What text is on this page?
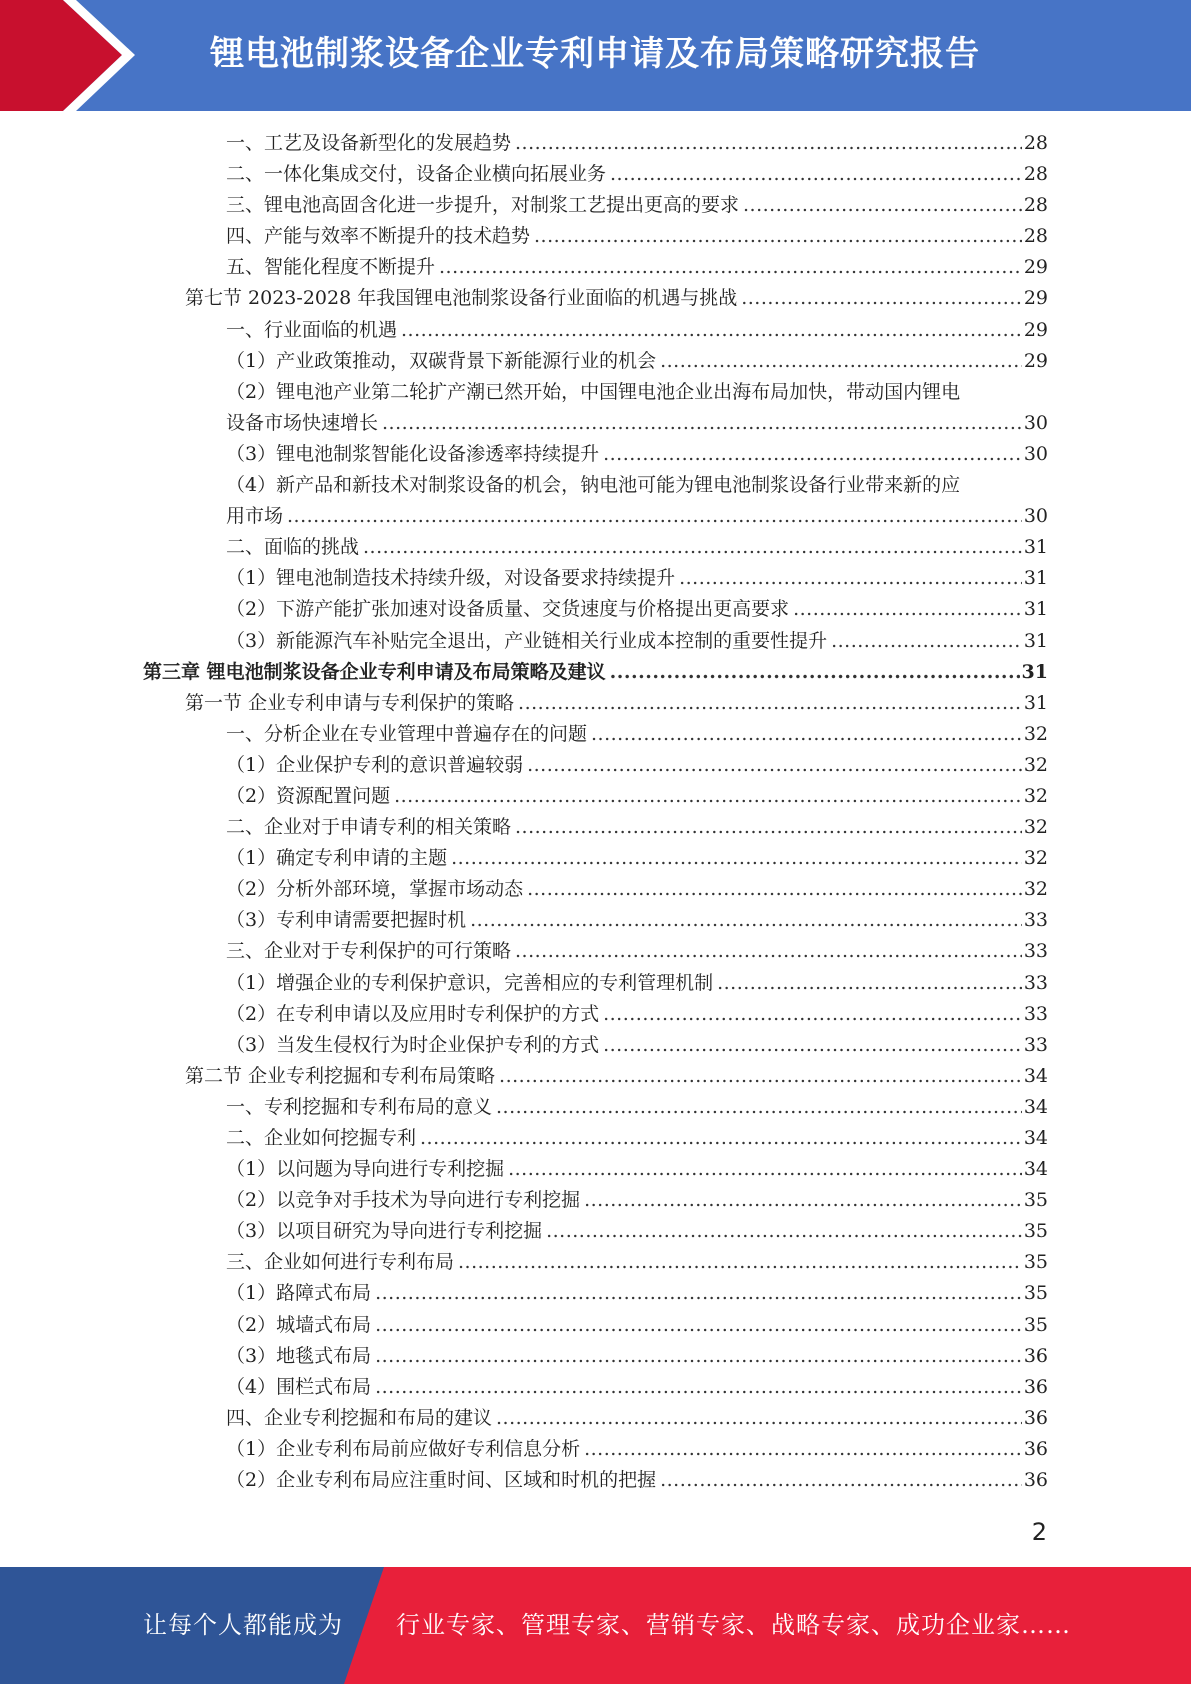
锂电池制浆设备企业专利申请及布局策略研究报告
一、工艺及设备新型化的发展趋势 .....	28
二、一体化集成交付，设备企业横向拓展业务 .....	28
三、锂电池高固含化进一步提升，对制浆工艺提出更高的要求 .....	28
四、产能与效率不断提升的技术趋势 .....	28
五、智能化程度不断提升 .....	29
第七节 2023-2028 年我国锂电池制浆设备行业面临的机遇与挑战 .....	29
一、行业面临的机遇 .....	29
（1）产业政策推动，双碳背景下新能源行业的机会 .....	29
（2）锂电池产业第二轮扩产潮已然开始，中国锂电池企业出海布局加快，带动国内锂电
设备市场快速增长 .....	30
（3）锂电池制浆智能化设备渗透率持续提升 .....	30
（4）新产品和新技术对制浆设备的机会，钠电池可能为锂电池制浆设备行业带来新的应
用市场 .....	30
二、面临的挑战 .....	31
（1）锂电池制造技术持续升级，对设备要求持续提升 .....	31
（2）下游产能扩张加速对设备质量、交货速度与价格提出更高要求 .....	31
（3）新能源汽车补贴完全退出，产业链相关行业成本控制的重要性提升 .....	31
第三章 锂电池制浆设备企业专利申请及布局策略及建议 .....	31
第一节 企业专利申请与专利保护的策略 .....	31
一、分析企业在专业管理中普遍存在的问题 .....	32
（1）企业保护专利的意识普遍较弱 .....	32
（2）资源配置问题 .....	32
二、企业对于申请专利的相关策略 .....	32
（1）确定专利申请的主题 .....	32
（2）分析外部环境，掌握市场动态 .....	32
（3）专利申请需要把握时机 .....	33
三、企业对于专利保护的可行策略 .....	33
（1）增强企业的专利保护意识，完善相应的专利管理机制 .....	33
（2）在专利申请以及应用时专利保护的方式 .....	33
（3）当发生侵权行为时企业保护专利的方式 .....	33
第二节 企业专利挖掘和专利布局策略 .....	34
一、专利挖掘和专利布局的意义 .....	34
二、企业如何挖掘专利 .....	34
（1）以问题为导向进行专利挖掘 .....	34
（2）以竞争对手技术为导向进行专利挖掘 .....	35
（3）以项目研究为导向进行专利挖掘 .....	35
三、企业如何进行专利布局 .....	35
（1）路障式布局 .....	35
（2）城墙式布局 .....	35
（3）地毯式布局 .....	36
（4）围栏式布局 .....	36
四、企业专利挖掘和布局的建议 .....	36
（1）企业专利布局前应做好专利信息分析 .....	36
（2）企业专利布局应注重时间、区域和时机的把握 .....	36
2
让每个人都能成为 行业专家、管理专家、营销专家、战略专家、成功企业家……
